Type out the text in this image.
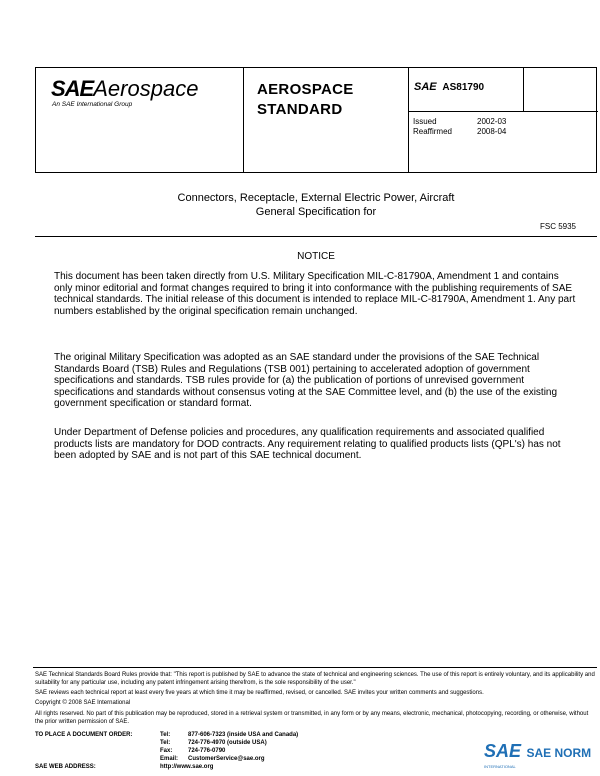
SAEAerospace
An SAE International Group
AEROSPACE
STANDARD
SAE AS81790
Issued	2002-03
Reaffirmed	2008-04
Connectors, Receptacle, External Electric Power, Aircraft
General Specification for
FSC 5935
NOTICE
This document has been taken directly from U.S. Military Specification MIL-C-81790A, Amendment 1 and contains only minor editorial and format changes required to bring it into conformance with the publishing requirements of SAE technical standards. The initial release of this document is intended to replace MIL-C-81790A, Amendment 1. Any part numbers established by the original specification remain unchanged.
The original Military Specification was adopted as an SAE standard under the provisions of the SAE Technical Standards Board (TSB) Rules and Regulations (TSB 001) pertaining to accelerated adoption of government specifications and standards. TSB rules provide for (a) the publication of portions of unrevised government specifications and standards without consensus voting at the SAE Committee level, and (b) the use of the existing government specification or standard format.
Under Department of Defense policies and procedures, any qualification requirements and associated qualified products lists are mandatory for DOD contracts. Any requirement relating to qualified products lists (QPL's) has not been adopted by SAE and is not part of this SAE technical document.
SAE Technical Standards Board Rules provide that: "This report is published by SAE to advance the state of technical and engineering sciences. The use of this report is entirely voluntary, and its applicability and suitability for any particular use, including any patent infringement arising therefrom, is the sole responsibility of the user."
SAE reviews each technical report at least every five years at which time it may be reaffirmed, revised, or cancelled. SAE invites your written comments and suggestions.
Copyright © 2008 SAE International
All rights reserved. No part of this publication may be reproduced, stored in a retrieval system or transmitted, in any form or by any means, electronic, mechanical, photocopying, recording, or otherwise, without the prior written permission of SAE.
TO PLACE A DOCUMENT ORDER:	Tel:	877-606-7323 (inside USA and Canada)
Tel:	724-776-4970 (outside USA)
Fax:	724-776-0790
Email: CustomerService@sae.org
SAE WEB ADDRESS:	http://www.sae.org
SAE SAE NORM
INTERNATIONAL
